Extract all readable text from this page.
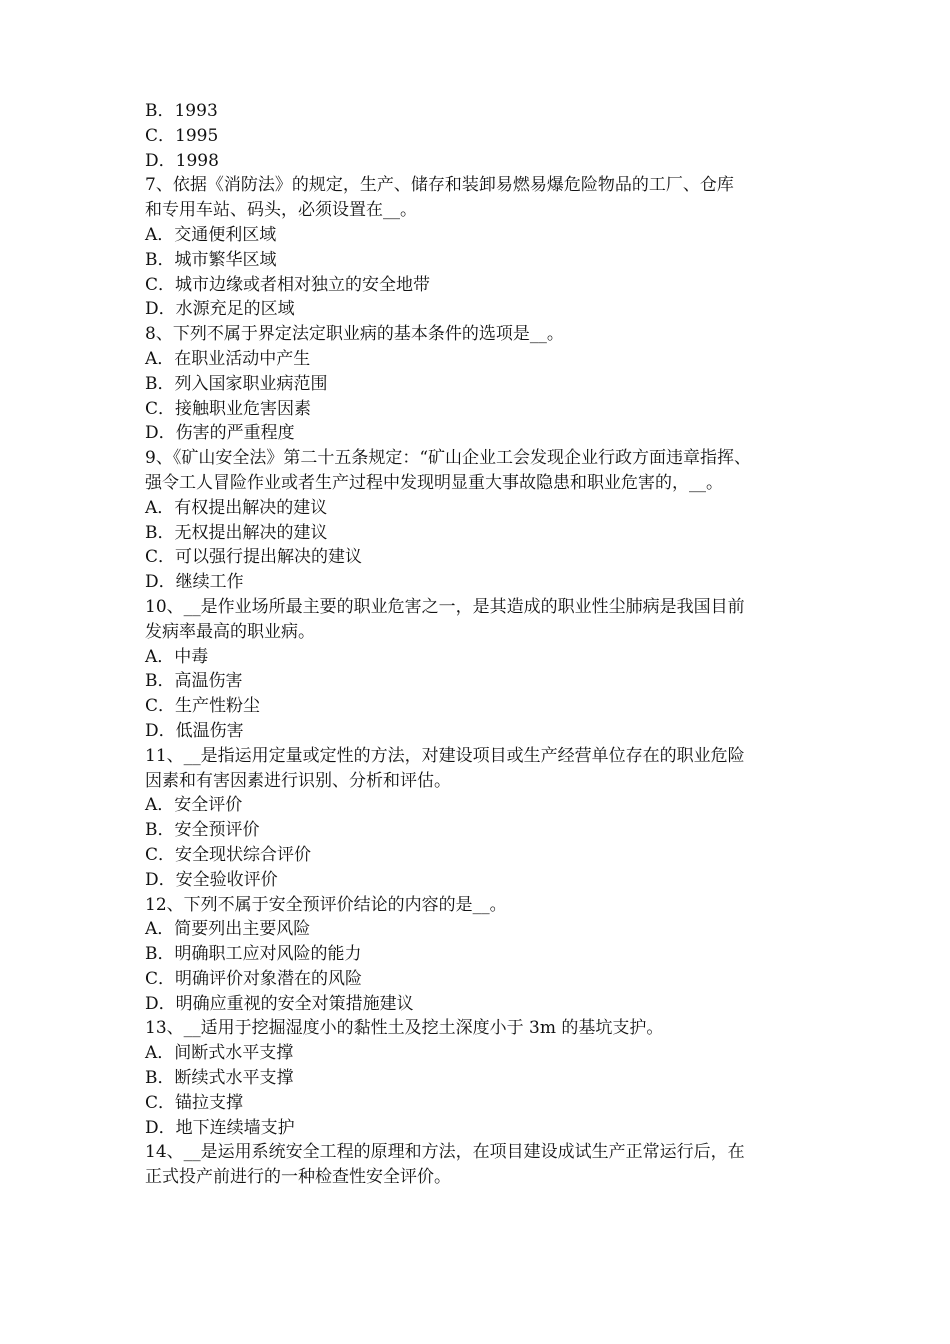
B．1993
C．1995
D．1998
7、依据《消防法》的规定，生产、储存和装卸易燃易爆危险物品的工厂、仓库
和专用车站、码头，必须设置在__。
A．交通便利区域
B．城市繁华区域
C．城市边缘或者相对独立的安全地带
D．水源充足的区域
8、下列不属于界定法定职业病的基本条件的选项是__。
A．在职业活动中产生
B．列入国家职业病范围
C．接触职业危害因素
D．伤害的严重程度
9、《矿山安全法》第二十五条规定：“矿山企业工会发现企业行政方面违章指挥、
强令工人冒险作业或者生产过程中发现明显重大事故隐患和职业危害的，__。
A．有权提出解决的建议
B．无权提出解决的建议
C．可以强行提出解决的建议
D．继续工作
10、__是作业场所最主要的职业危害之一，是其造成的职业性尘肺病是我国目前
发病率最高的职业病。
A．中毒
B．高温伤害
C．生产性粉尘
D．低温伤害
11、__是指运用定量或定性的方法，对建设项目或生产经营单位存在的职业危险
因素和有害因素进行识别、分析和评估。
A．安全评价
B．安全预评价
C．安全现状综合评价
D．安全验收评价
12、下列不属于安全预评价结论的内容的是__。
A．简要列出主要风险
B．明确职工应对风险的能力
C．明确评价对象潜在的风险
D．明确应重视的安全对策措施建议
13、__适用于挖掘湿度小的黏性土及挖土深度小于 3m 的基坑支护。
A．间断式水平支撑
B．断续式水平支撑
C．锚拉支撑
D．地下连续墙支护
14、__是运用系统安全工程的原理和方法，在项目建设成试生产正常运行后，在
正式投产前进行的一种检查性安全评价。
